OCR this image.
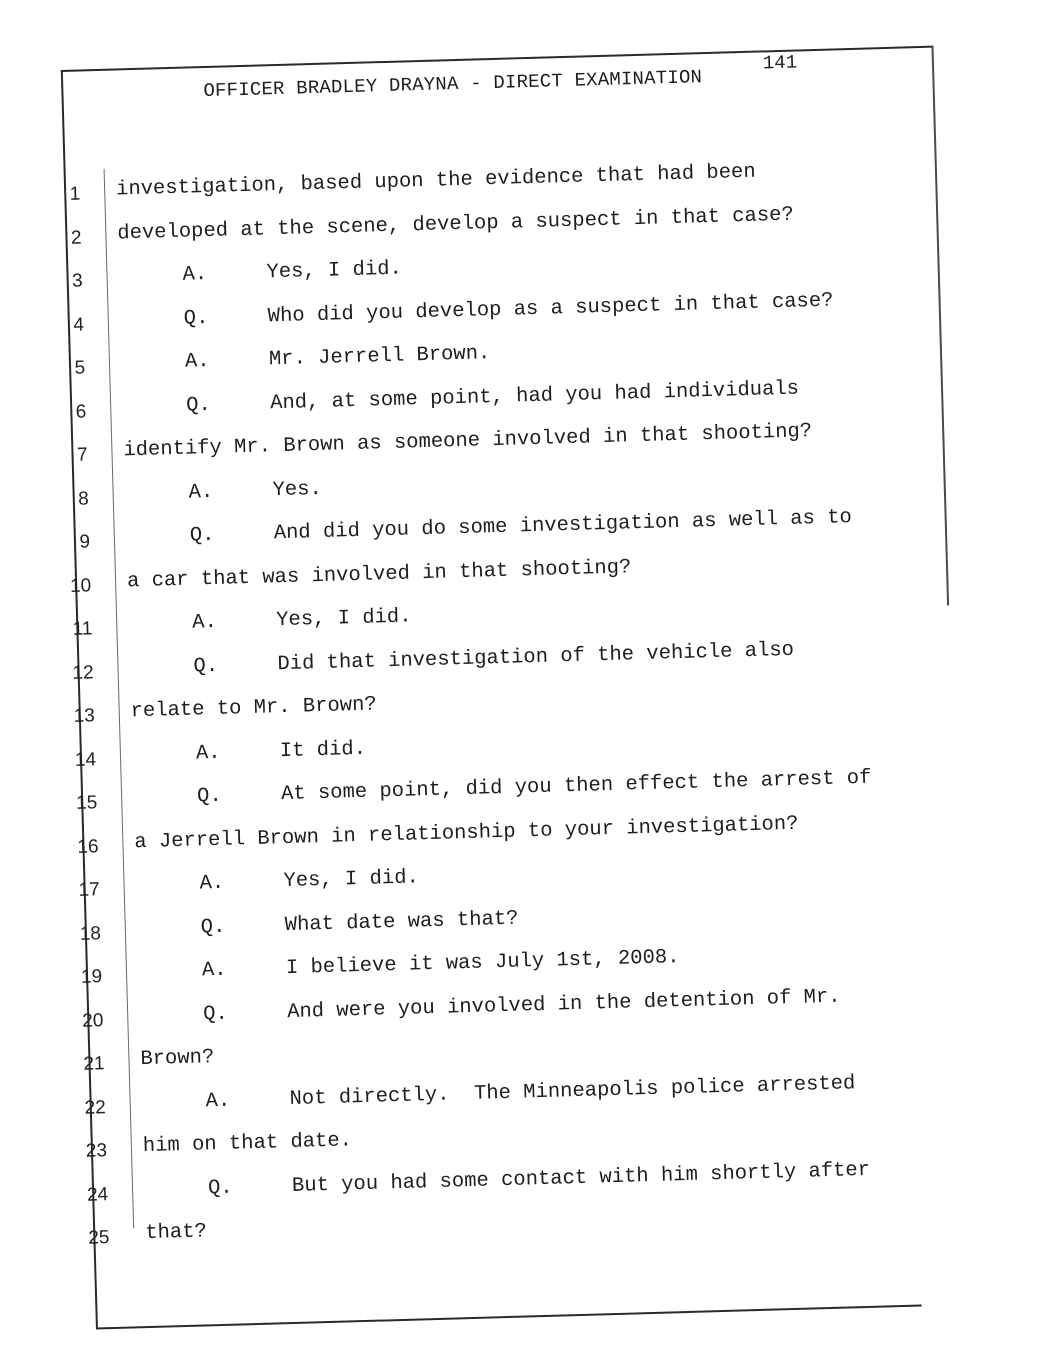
OFFICER BRADLEY DRAYNA - DIRECT EXAMINATION
141
1 investigation, based upon the evidence that had been
2 developed at the scene, develop a suspect in that case?
3	A.	Yes, I did.
4	Q.	Who did you develop as a suspect in that case?
5	A.	Mr. Jerrell Brown.
6	Q.	And, at some point, had you had individuals
7 identify Mr. Brown as someone involved in that shooting?
8	A.	Yes.
9	Q.	And did you do some investigation as well as to
10 a car that was involved in that shooting?
11	A.	Yes, I did.
12	Q.	Did that investigation of the vehicle also
13 relate to Mr. Brown?
14	A.	It did.
15	Q.	At some point, did you then effect the arrest of
16 a Jerrell Brown in relationship to your investigation?
17	A.	Yes, I did.
18	Q.	What date was that?
19	A.	I believe it was July 1st, 2008.
20	Q.	And were you involved in the detention of Mr.
21 Brown?
22	A.	Not directly.  The Minneapolis police arrested
23 him on that date.
24	Q.	But you had some contact with him shortly after
25 that?
